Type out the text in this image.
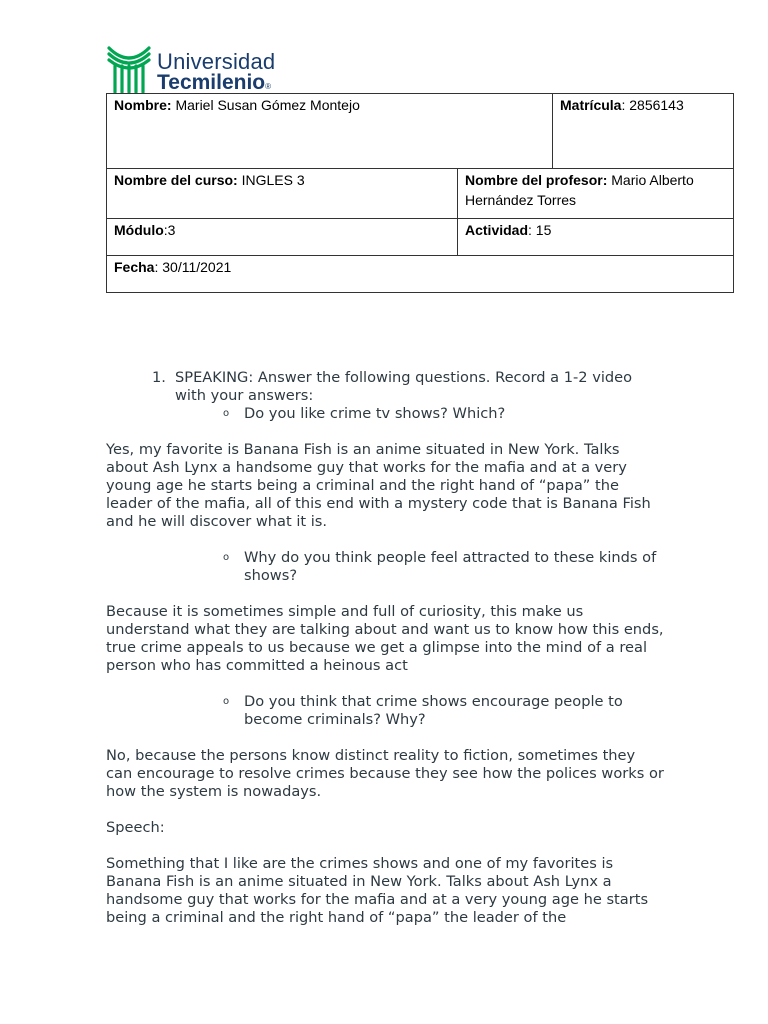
Universidad
Tecmilenio®
Nombre: Mariel Susan Gómez Montejo		Matrícula: 2856143
Nombre del curso: INGLES 3	Nombre del profesor: Mario Alberto Hernández Torres	
Módulo:3	Actividad: 15	
Fecha: 30/11/2021		
1. SPEAKING: Answer the following questions. Record a 1-2 video with your answers:
o Do you like crime tv shows? Which?

Yes, my favorite is Banana Fish is an anime situated in New York. Talks about Ash Lynx a handsome guy that works for the mafia and at a very young age he starts being a criminal and the right hand of “papa” the leader of the mafia, all of this end with a mystery code that is Banana Fish and he will discover what it is.

o Why do you think people feel attracted to these kinds of shows?

Because it is sometimes simple and full of curiosity, this make us understand what they are talking about and want us to know how this ends, true crime appeals to us because we get a glimpse into the mind of a real person who has committed a heinous act

o Do you think that crime shows encourage people to become criminals? Why?

No, because the persons know distinct reality to fiction, sometimes they can encourage to resolve crimes because they see how the polices works or how the system is nowadays.

Speech:

Something that I like are the crimes shows and one of my favorites is Banana Fish is an anime situated in New York. Talks about Ash Lynx a handsome guy that works for the mafia and at a very young age he starts being a criminal and the right hand of “papa” the leader of the
